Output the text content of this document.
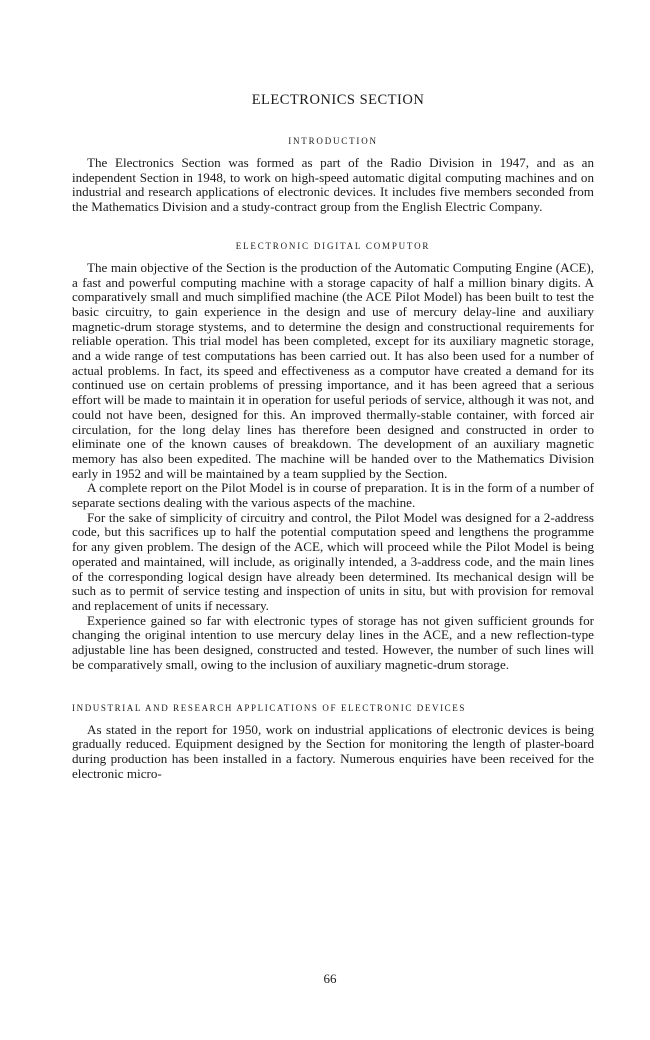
ELECTRONICS SECTION
INTRODUCTION

The Electronics Section was formed as part of the Radio Division in 1947, and as an independent Section in 1948, to work on high-speed automatic digital computing machines and on industrial and research applications of electronic devices. It includes five members seconded from the Mathematics Division and a study-contract group from the English Electric Company.

ELECTRONIC DIGITAL COMPUTOR

The main objective of the Section is the production of the Automatic Computing Engine (ACE), a fast and powerful computing machine with a storage capacity of half a million binary digits. A comparatively small and much simplified machine (the ACE Pilot Model) has been built to test the basic circuitry, to gain experience in the design and use of mercury delay-line and auxiliary magnetic-drum storage stystems, and to determine the design and constructional requirements for reliable operation. This trial model has been completed, except for its auxiliary magnetic storage, and a wide range of test computations has been carried out. It has also been used for a number of actual problems. In fact, its speed and effectiveness as a computor have created a demand for its continued use on certain problems of pressing importance, and it has been agreed that a serious effort will be made to maintain it in operation for useful periods of service, although it was not, and could not have been, designed for this. An improved thermally-stable container, with forced air circulation, for the long delay lines has therefore been designed and constructed in order to eliminate one of the known causes of breakdown. The development of an auxiliary magnetic memory has also been expedited. The machine will be handed over to the Mathematics Division early in 1952 and will be maintained by a team supplied by the Section.

A complete report on the Pilot Model is in course of preparation. It is in the form of a number of separate sections dealing with the various aspects of the machine.

For the sake of simplicity of circuitry and control, the Pilot Model was designed for a 2-address code, but this sacrifices up to half the potential computation speed and lengthens the programme for any given problem. The design of the ACE, which will proceed while the Pilot Model is being operated and maintained, will include, as originally intended, a 3-address code, and the main lines of the corresponding logical design have already been determined. Its mechanical design will be such as to permit of service testing and inspection of units in situ, but with provision for removal and replacement of units if necessary.

Experience gained so far with electronic types of storage has not given sufficient grounds for changing the original intention to use mercury delay lines in the ACE, and a new reflection-type adjustable line has been designed, constructed and tested. However, the number of such lines will be comparatively small, owing to the inclusion of auxiliary magnetic-drum storage.

INDUSTRIAL AND RESEARCH APPLICATIONS OF ELECTRONIC DEVICES

As stated in the report for 1950, work on industrial applications of electronic devices is being gradually reduced. Equipment designed by the Section for monitoring the length of plaster-board during production has been installed in a factory. Numerous enquiries have been received for the electronic micro-

66
